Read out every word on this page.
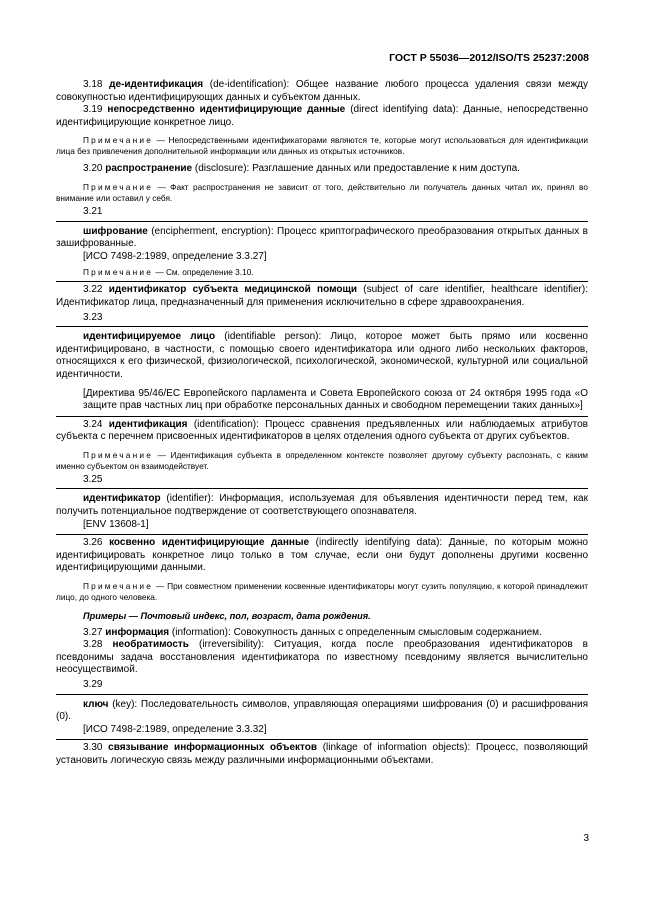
ГОСТ Р 55036—2012/ISO/TS 25237:2008

3.18 де-идентификация (de-identification): Общее название любого процесса удаления связи между совокупностью идентифицирующих данных и субъектом данных.

3.19 непосредственно идентифицирующие данные (direct identifying data): Данные, непосредственно идентифицирующие конкретное лицо.

Примечание — Непосредственными идентификаторами являются те, которые могут использоваться для идентификации лица без привлечения дополнительной информации или данных из открытых источников.

3.20 распространение (disclosure): Разглашение данных или предоставление к ним доступа.

Примечание — Факт распространения не зависит от того, действительно ли получатель данных читал их, принял во внимание или оставил у себя.

3.21

шифрование (encipherment, encryption): Процесс криптографического преобразования открытых данных в зашифрованные.

[ИСО 7498-2:1989, определение 3.3.27]

Примечание — См. определение 3.10.

3.22 идентификатор субъекта медицинской помощи (subject of care identifier, healthcare identifier): Идентификатор лица, предназначенный для применения исключительно в сфере здравоохранения.

3.23

идентифицируемое лицо (identifiable person): Лицо, которое может быть прямо или косвенно идентифицировано, в частности, с помощью своего идентификатора или одного либо нескольких факторов, относящихся к его физической, физиологической, психологической, экономической, культурной или социальной идентичности.

[Директива 95/46/ЕС Европейского парламента и Совета Европейского союза от 24 октября 1995 года «О защите прав частных лиц при обработке персональных данных и свободном перемещении таких данных»]

3.24 идентификация (identification): Процесс сравнения предъявленных или наблюдаемых атрибутов субъекта с перечнем присвоенных идентификаторов в целях отделения одного субъекта от других субъектов.

Примечание — Идентификация субъекта в определенном контексте позволяет другому субъекту распознать, с каким именно субъектом он взаимодействует.

3.25

идентификатор (identifier): Информация, используемая для объявления идентичности перед тем, как получить потенциальное подтверждение от соответствующего опознавателя.

[ENV 13608-1]

3.26 косвенно идентифицирующие данные (indirectly identifying data): Данные, по которым можно идентифицировать конкретное лицо только в том случае, если они будут дополнены другими косвенно идентифицирующими данными.

Примечание — При совместном применении косвенные идентификаторы могут сузить популяцию, к которой принадлежит лицо, до одного человека.

Примеры — Почтовый индекс, пол, возраст, дата рождения.

3.27 информация (information): Совокупность данных с определенным смысловым содержанием.

3.28 необратимость (irreversibility): Ситуация, когда после преобразования идентификаторов в псевдонимы задача восстановления идентификатора по известному псевдониму является вычислительно неосуществимой.

3.29

ключ (key): Последовательность символов, управляющая операциями шифрования (0) и расшифрования (0).

[ИСО 7498-2:1989, определение 3.3.32]

3.30 связывание информационных объектов (linkage of information objects): Процесс, позволяющий установить логическую связь между различными информационными объектами.

3
